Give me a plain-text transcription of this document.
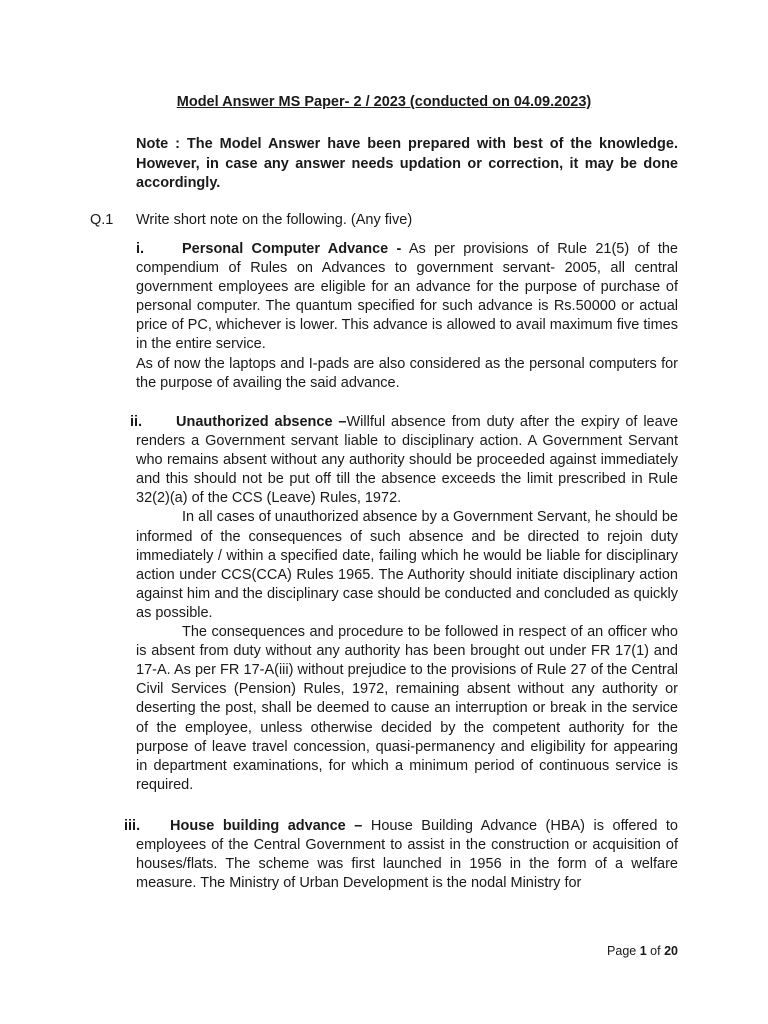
Model Answer MS Paper- 2 / 2023 (conducted on 04.09.2023)
Note : The Model Answer have been prepared with best of the knowledge. However, in case any answer needs updation or correction, it may be done accordingly.
Q.1 Write short note on the following. (Any five)

i.	Personal Computer Advance - As per provisions of Rule 21(5) of the compendium of Rules on Advances to government servant- 2005, all central government employees are eligible for an advance for the purpose of purchase of personal computer. The quantum specified for such advance is Rs.50000 or actual price of PC, whichever is lower. This advance is allowed to avail maximum five times in the entire service.

As of now the laptops and I-pads are also considered as the personal computers for the purpose of availing the said advance.

ii. Unauthorized absence –Willful absence from duty after the expiry of leave renders a Government servant liable to disciplinary action. A Government Servant who remains absent without any authority should be proceeded against immediately and this should not be put off till the absence exceeds the limit prescribed in Rule 32(2)(a) of the CCS (Leave) Rules, 1972.

In all cases of unauthorized absence by a Government Servant, he should be informed of the consequences of such absence and be directed to rejoin duty immediately / within a specified date, failing which he would be liable for disciplinary action under CCS(CCA) Rules 1965. The Authority should initiate disciplinary action against him and the disciplinary case should be conducted and concluded as quickly as possible.

The consequences and procedure to be followed in respect of an officer who is absent from duty without any authority has been brought out under FR 17(1) and 17-A. As per FR 17-A(iii) without prejudice to the provisions of Rule 27 of the Central Civil Services (Pension) Rules, 1972, remaining absent without any authority or deserting the post, shall be deemed to cause an interruption or break in the service of the employee, unless otherwise decided by the competent authority for the purpose of leave travel concession, quasi-permanency and eligibility for appearing in department examinations, for which a minimum period of continuous service is required.

iii. House building advance – House Building Advance (HBA) is offered to employees of the Central Government to assist in the construction or acquisition of houses/flats. The scheme was first launched in 1956 in the form of a welfare measure. The Ministry of Urban Development is the nodal Ministry for

Page 1 of 20
